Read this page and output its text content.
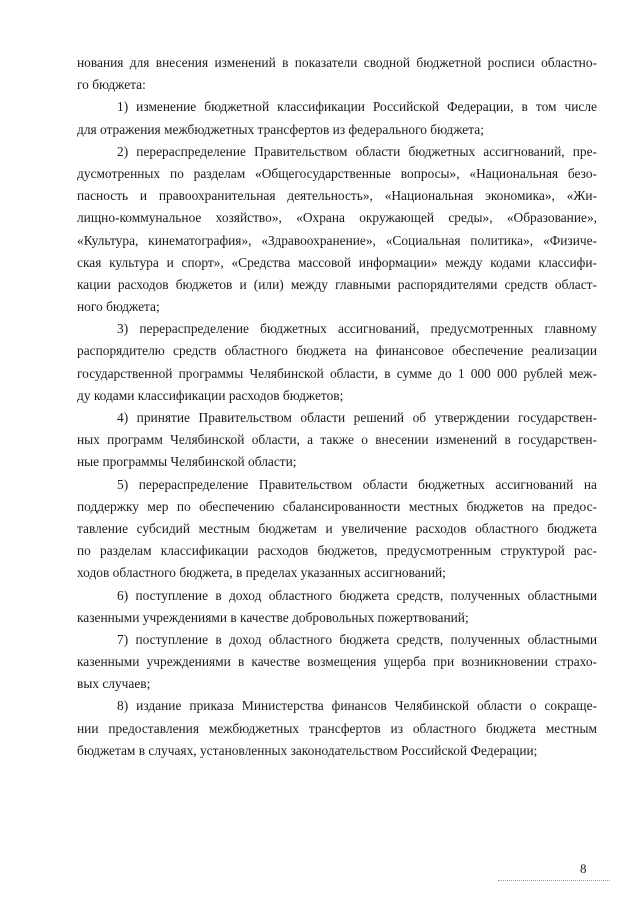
нования для внесения изменений в показатели сводной бюджетной росписи областно-
го бюджета:
1) изменение бюджетной классификации Российской Федерации, в том числе
для отражения межбюджетных трансфертов из федерального бюджета;
2) перераспределение Правительством области бюджетных ассигнований, пре-
дусмотренных по разделам «Общегосударственные вопросы», «Национальная безо-
пасность и правоохранительная деятельность», «Национальная экономика», «Жи-
лищно-коммунальное хозяйство», «Охрана окружающей среды», «Образование»,
«Культура, кинематография», «Здравоохранение», «Социальная политика», «Физиче-
ская культура и спорт», «Средства массовой информации» между кодами классифи-
кации расходов бюджетов и (или) между главными распорядителями средств област-
ного бюджета;
3) перераспределение бюджетных ассигнований, предусмотренных главному
распорядителю средств областного бюджета на финансовое обеспечение реализации
государственной программы Челябинской области, в сумме до 1 000 000 рублей меж-
ду кодами классификации расходов бюджетов;
4) принятие Правительством области решений об утверждении государствен-
ных программ Челябинской области, а также о внесении изменений в государствен-
ные программы Челябинской области;
5) перераспределение Правительством области бюджетных ассигнований на
поддержку мер по обеспечению сбалансированности местных бюджетов на предос-
тавление субсидий местным бюджетам и увеличение расходов областного бюджета
по разделам классификации расходов бюджетов, предусмотренным структурой рас-
ходов областного бюджета, в пределах указанных ассигнований;
6) поступление в доход областного бюджета средств, полученных областными
казенными учреждениями в качестве добровольных пожертвований;
7) поступление в доход областного бюджета средств, полученных областными
казенными учреждениями в качестве возмещения ущерба при возникновении страхо-
вых случаев;
8) издание приказа Министерства финансов Челябинской области о сокраще-
нии предоставления межбюджетных трансфертов из областного бюджета местным
бюджетам в случаях, установленных законодательством Российской Федерации;
8
